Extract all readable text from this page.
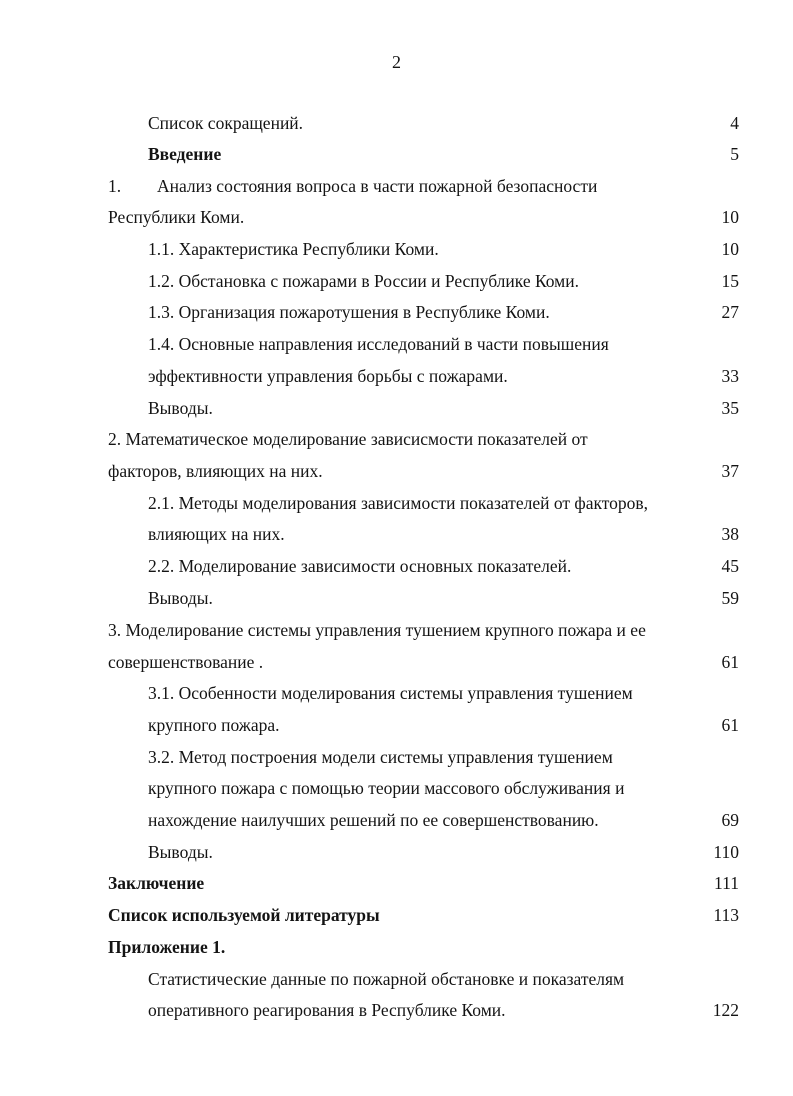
2
Список сокращений.	4
Введение	5
1. Анализ состояния вопроса в части пожарной безопасности
Республики Коми.	10
1.1. Характеристика Республики Коми.	10
1.2. Обстановка с пожарами в России и Республике Коми.	15
1.3. Организация пожаротушения в Республике Коми.	27
1.4. Основные направления исследований в части повышения
эффективности управления борьбы с пожарами.	33
Выводы.	35
2. Математическое моделирование зависисмости показателей от
факторов, влияющих на них.	37
2.1. Методы моделирования зависимости показателей от факторов,
влияющих на них.	38
2.2. Моделирование зависимости основных показателей.	45
Выводы.	59
3. Моделирование системы управления тушением крупного пожара и ее
совершенствование .	61
3.1. Особенности моделирования системы управления тушением
крупного пожара.	61
3.2. Метод построения модели системы управления тушением
крупного пожара с помощью теории массового обслуживания и
нахождение наилучших решений по ее совершенствованию.	69
Выводы.	110
Заключение	111
Список используемой литературы	113
Приложение 1.
Статистические данные по пожарной обстановке и показателям
оперативного реагирования в Республике Коми.	122
